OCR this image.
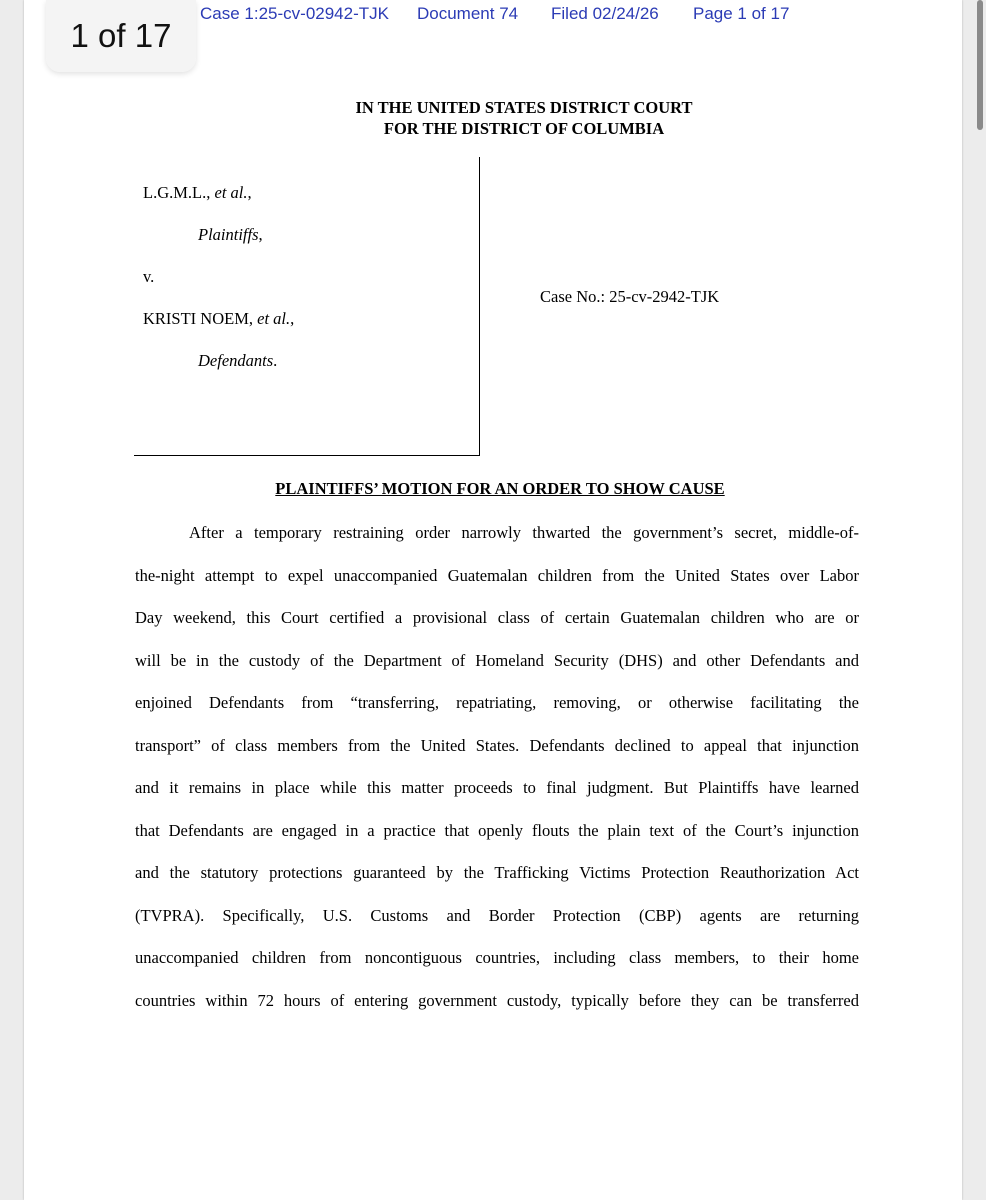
Case 1:25-cv-02942-TJK Document 74 Filed 02/24/26 Page 1 of 17
IN THE UNITED STATES DISTRICT COURT
FOR THE DISTRICT OF COLUMBIA
L.G.M.L., et al.,
Plaintiffs,
v.
KRISTI NOEM, et al.,
Defendants.
Case No.: 25-cv-2942-TJK
PLAINTIFFS’ MOTION FOR AN ORDER TO SHOW CAUSE
After a temporary restraining order narrowly thwarted the government’s secret, middle-of-
the-night attempt to expel unaccompanied Guatemalan children from the United States over Labor
Day weekend, this Court certified a provisional class of certain Guatemalan children who are or
will be in the custody of the Department of Homeland Security (DHS) and other Defendants and
enjoined Defendants from “transferring, repatriating, removing, or otherwise facilitating the
transport” of class members from the United States. Defendants declined to appeal that injunction
and it remains in place while this matter proceeds to final judgment. But Plaintiffs have learned
that Defendants are engaged in a practice that openly flouts the plain text of the Court’s injunction
and the statutory protections guaranteed by the Trafficking Victims Protection Reauthorization Act
(TVPRA). Specifically, U.S. Customs and Border Protection (CBP) agents are returning
unaccompanied children from noncontiguous countries, including class members, to their home
countries within 72 hours of entering government custody, typically before they can be transferred
1 of 17
